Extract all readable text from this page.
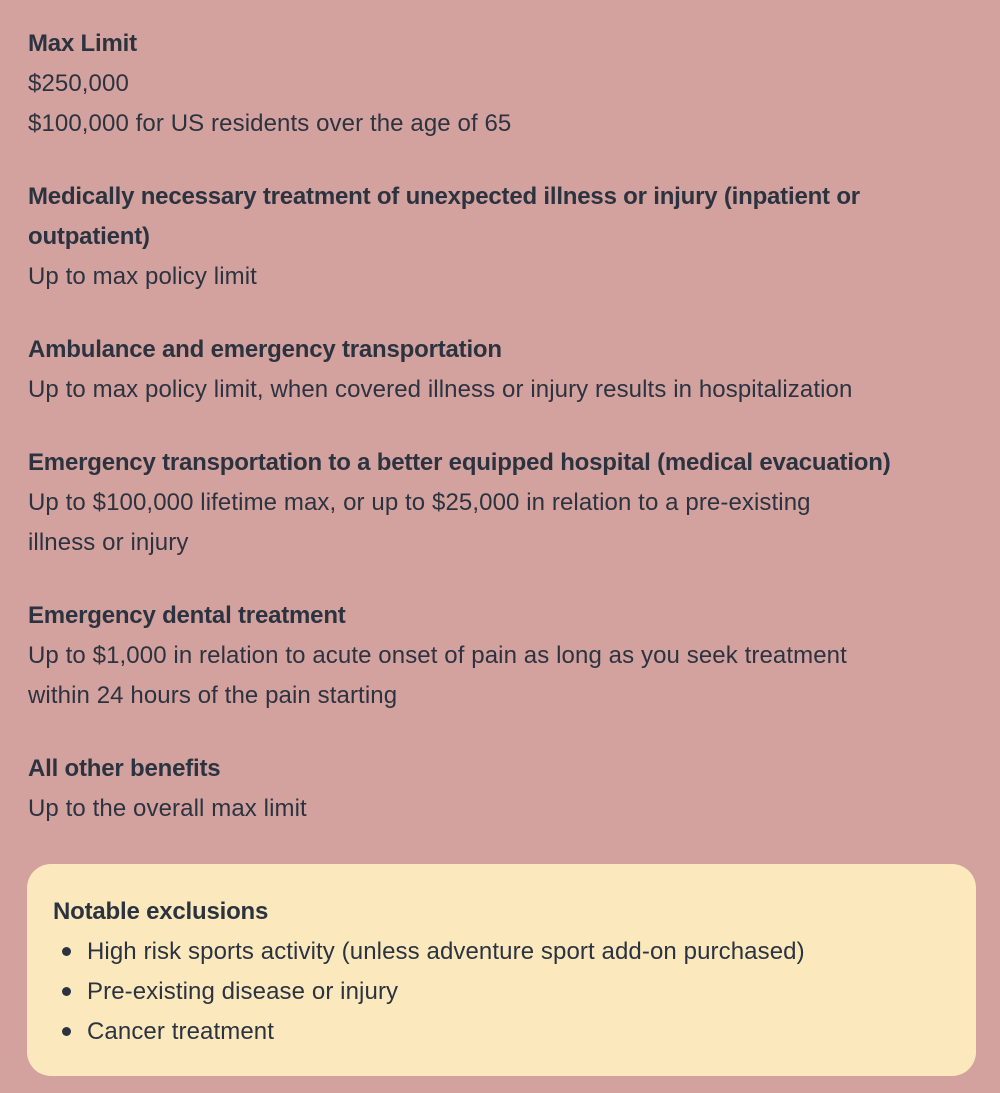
Max Limit
$250,000
$100,000 for US residents over the age of 65
Medically necessary treatment of unexpected illness or injury (inpatient or
outpatient)
Up to max policy limit
Ambulance and emergency transportation
Up to max policy limit, when covered illness or injury results in hospitalization
Emergency transportation to a better equipped hospital (medical evacuation)
Up to $100,000 lifetime max, or up to $25,000 in relation to a pre-existing
illness or injury
Emergency dental treatment
Up to $1,000 in relation to acute onset of pain as long as you seek treatment
within 24 hours of the pain starting
All other benefits
Up to the overall max limit
Notable exclusions
High risk sports activity (unless adventure sport add-on purchased)
Pre-existing disease or injury
Cancer treatment
